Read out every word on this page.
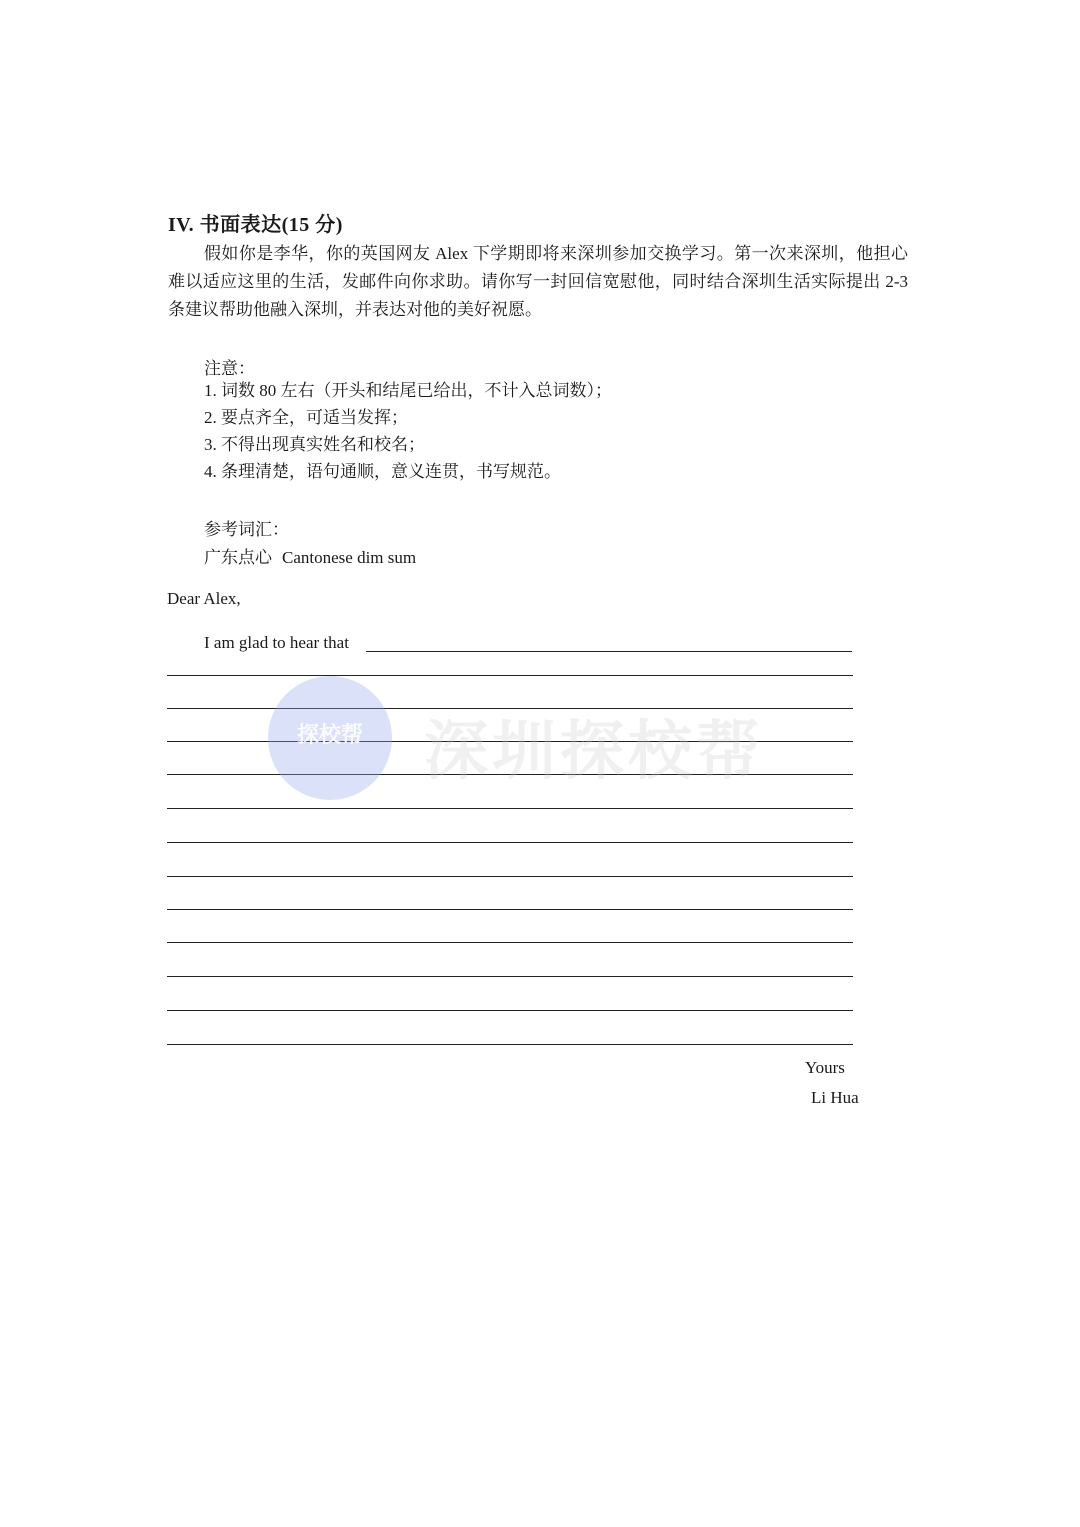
IV. 书面表达(15 分)
假如你是李华，你的英国网友 Alex 下学期即将来深圳参加交换学习。第一次来深圳，他担心难以适应这里的生活，发邮件向你求助。请你写一封回信宽慰他，同时结合深圳生活实际提出 2-3 条建议帮助他融入深圳，并表达对他的美好祝愿。
注意：
1. 词数 80 左右（开头和结尾已给出，不计入总词数）；
2. 要点齐全，可适当发挥；
3. 不得出现真实姓名和校名；
4. 条理清楚，语句通顺，意义连贯，书写规范。
参考词汇：
广东点心 Cantonese dim sum
Dear Alex,
I am glad to hear that
Yours
Li Hua
探校帮 深圳探校帮
